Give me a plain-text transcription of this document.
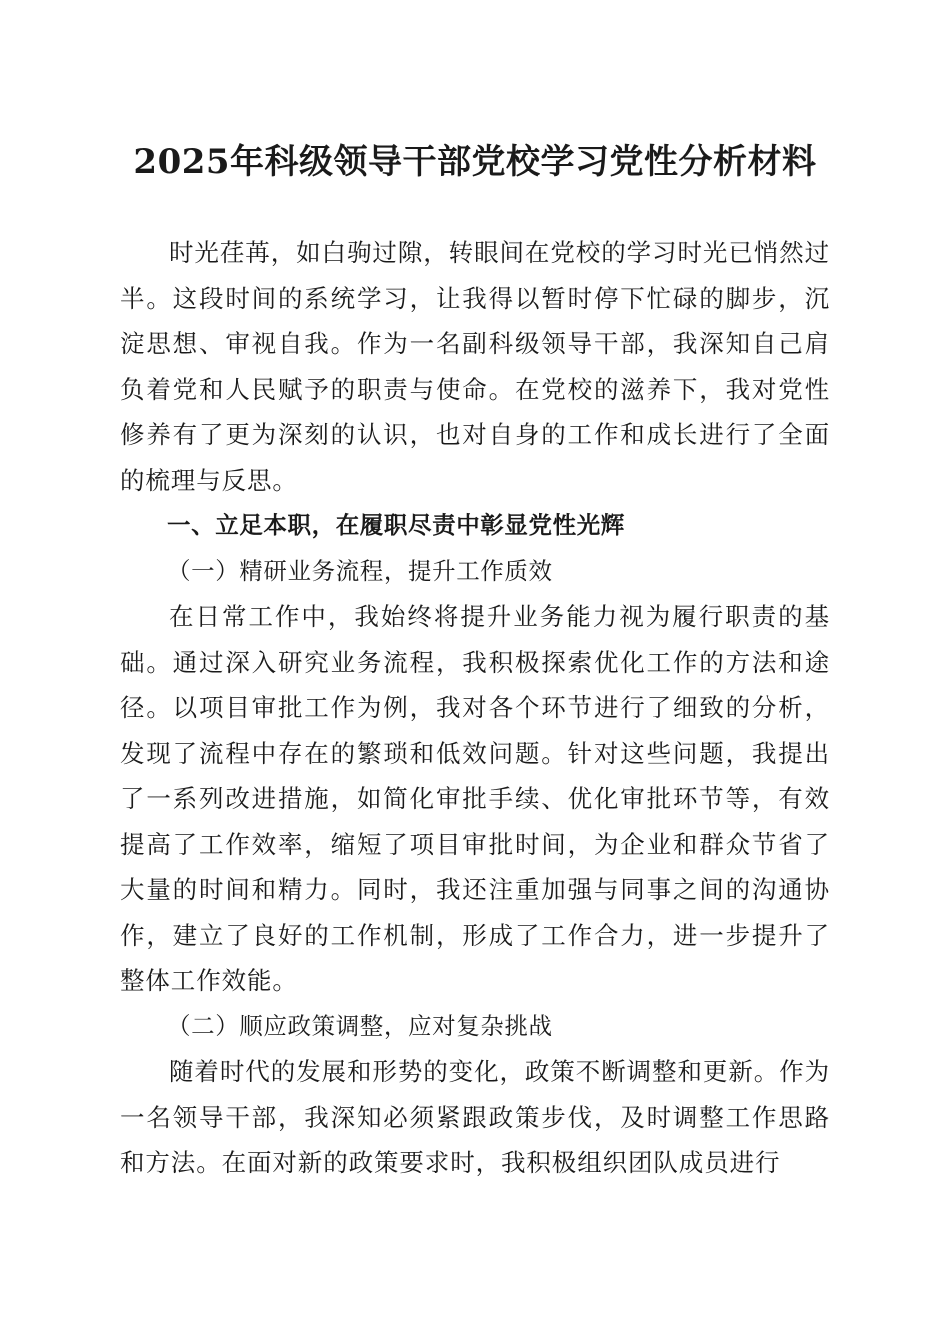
2025年科级领导干部党校学习党性分析材料

时光荏苒，如白驹过隙，转眼间在党校的学习时光已悄然过半。这段时间的系统学习，让我得以暂时停下忙碌的脚步，沉淀思想、审视自我。作为一名副科级领导干部，我深知自己肩负着党和人民赋予的职责与使命。在党校的滋养下，我对党性修养有了更为深刻的认识，也对自身的工作和成长进行了全面的梳理与反思。

一、立足本职，在履职尽责中彰显党性光辉

（一）精研业务流程，提升工作质效

在日常工作中，我始终将提升业务能力视为履行职责的基础。通过深入研究业务流程，我积极探索优化工作的方法和途径。以项目审批工作为例，我对各个环节进行了细致的分析，发现了流程中存在的繁琐和低效问题。针对这些问题，我提出了一系列改进措施，如简化审批手续、优化审批环节等，有效提高了工作效率，缩短了项目审批时间，为企业和群众节省了大量的时间和精力。同时，我还注重加强与同事之间的沟通协作，建立了良好的工作机制，形成了工作合力，进一步提升了整体工作效能。

（二）顺应政策调整，应对复杂挑战

随着时代的发展和形势的变化，政策不断调整和更新。作为一名领导干部，我深知必须紧跟政策步伐，及时调整工作思路和方法。在面对新的政策要求时，我积极组织团队成员进行
